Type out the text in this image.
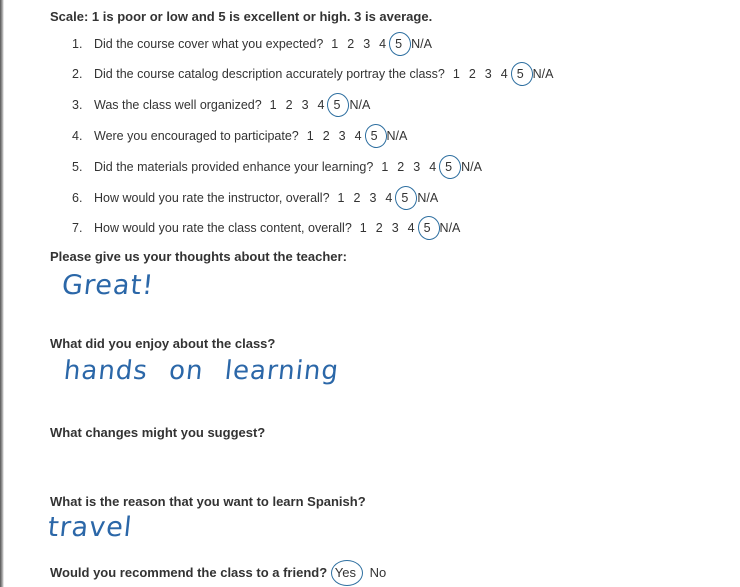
Scale: 1 is poor or low and 5 is excellent or high. 3 is average.
1. Did the course cover what you expected? 1 2 3 4 5 N/A
2. Did the course catalog description accurately portray the class? 1 2 3 4 5 N/A
3. Was the class well organized? 1 2 3 4 5 N/A
4. Were you encouraged to participate? 1 2 3 4 5 N/A
5. Did the materials provided enhance your learning? 1 2 3 4 5 N/A
6. How would you rate the instructor, overall? 1 2 3 4 5 N/A
7. How would you rate the class content, overall? 1 2 3 4 5 N/A
Please give us your thoughts about the teacher:
Great!
What did you enjoy about the class?
hands on learning
What changes might you suggest?
What is the reason that you want to learn Spanish?
travel
Would you recommend the class to a friend? Yes No
